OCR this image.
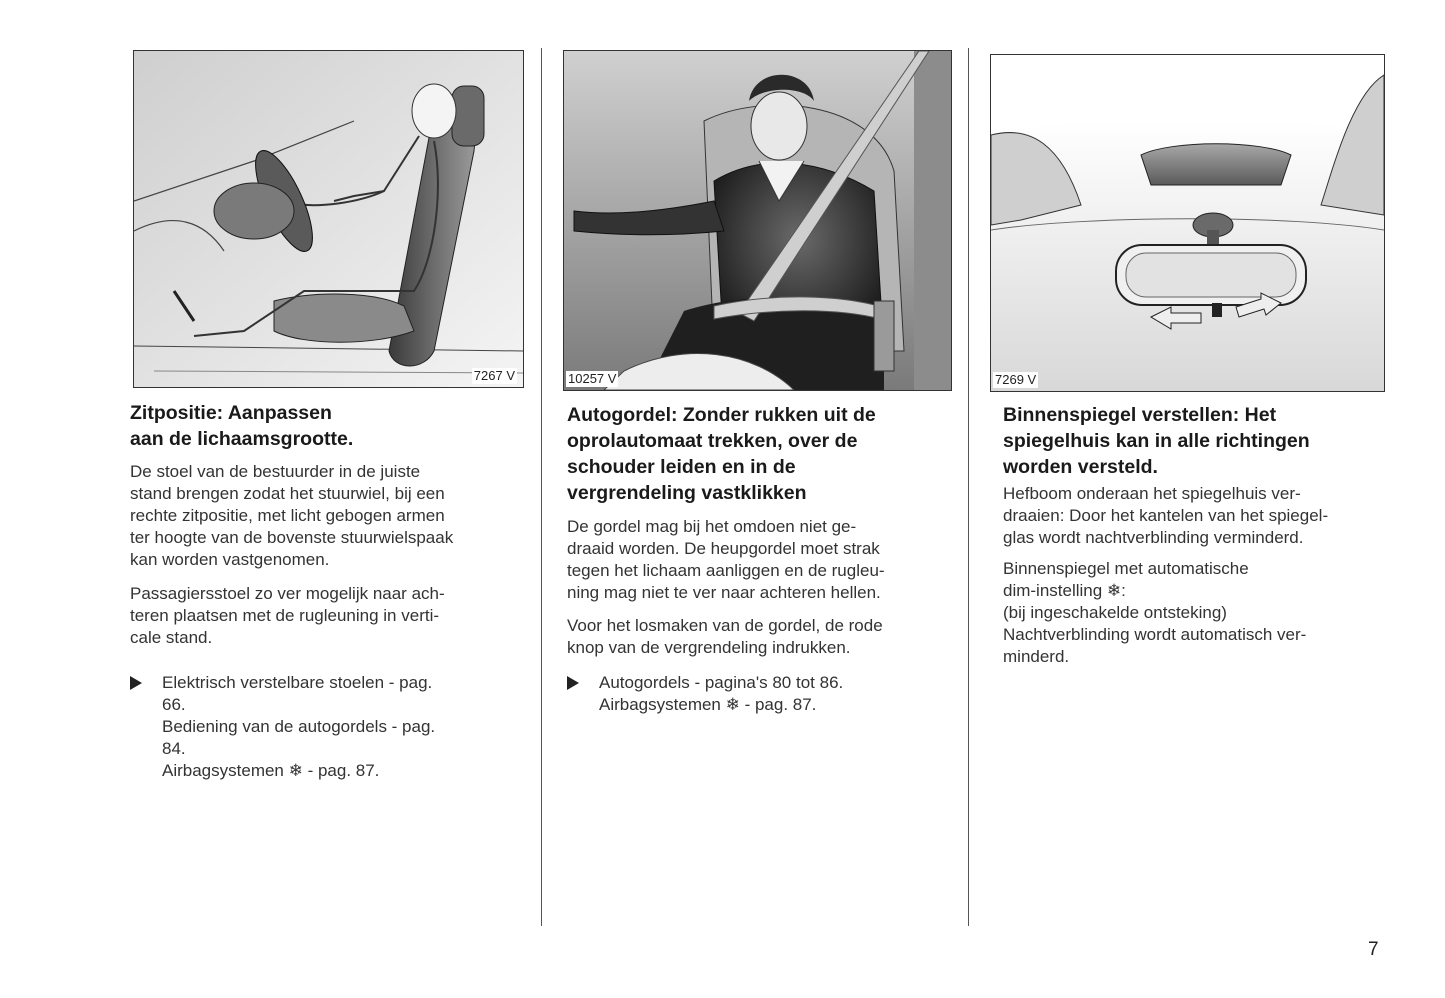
7267 V
Zitpositie: Aanpassen
aan de lichaamsgrootte.

De stoel van de bestuurder in de juiste
stand brengen zodat het stuurwiel, bij een
rechte zitpositie, met licht gebogen armen
ter hoogte van de bovenste stuurwielspaak
kan worden vastgenomen.

Passagiersstoel zo ver mogelijk naar ach-
teren plaatsen met de rugleuning in verti-
cale stand.

Elektrisch verstelbare stoelen - pag.
66.
Bediening van de autogordels - pag.
84.
Airbagsystemen ❄ - pag. 87.
10257 V
Autogordel: Zonder rukken uit de
oprolautomaat trekken, over de
schouder leiden en in de
vergrendeling vastklikken

De gordel mag bij het omdoen niet ge-
draaid worden. De heupgordel moet strak
tegen het lichaam aanliggen en de rugleu-
ning mag niet te ver naar achteren hellen.

Voor het losmaken van de gordel, de rode
knop van de vergrendeling indrukken.

Autogordels - pagina's 80 tot 86.
Airbagsystemen ❄ - pag. 87.
7269 V
Binnenspiegel verstellen: Het
spiegelhuis kan in alle richtingen
worden versteld.

Hefboom onderaan het spiegelhuis ver-
draaien: Door het kantelen van het spiegel-
glas wordt nachtverblinding verminderd.

Binnenspiegel met automatische
dim-instelling ❄:
(bij ingeschakelde ontsteking)
Nachtverblinding wordt automatisch ver-
minderd.

7
